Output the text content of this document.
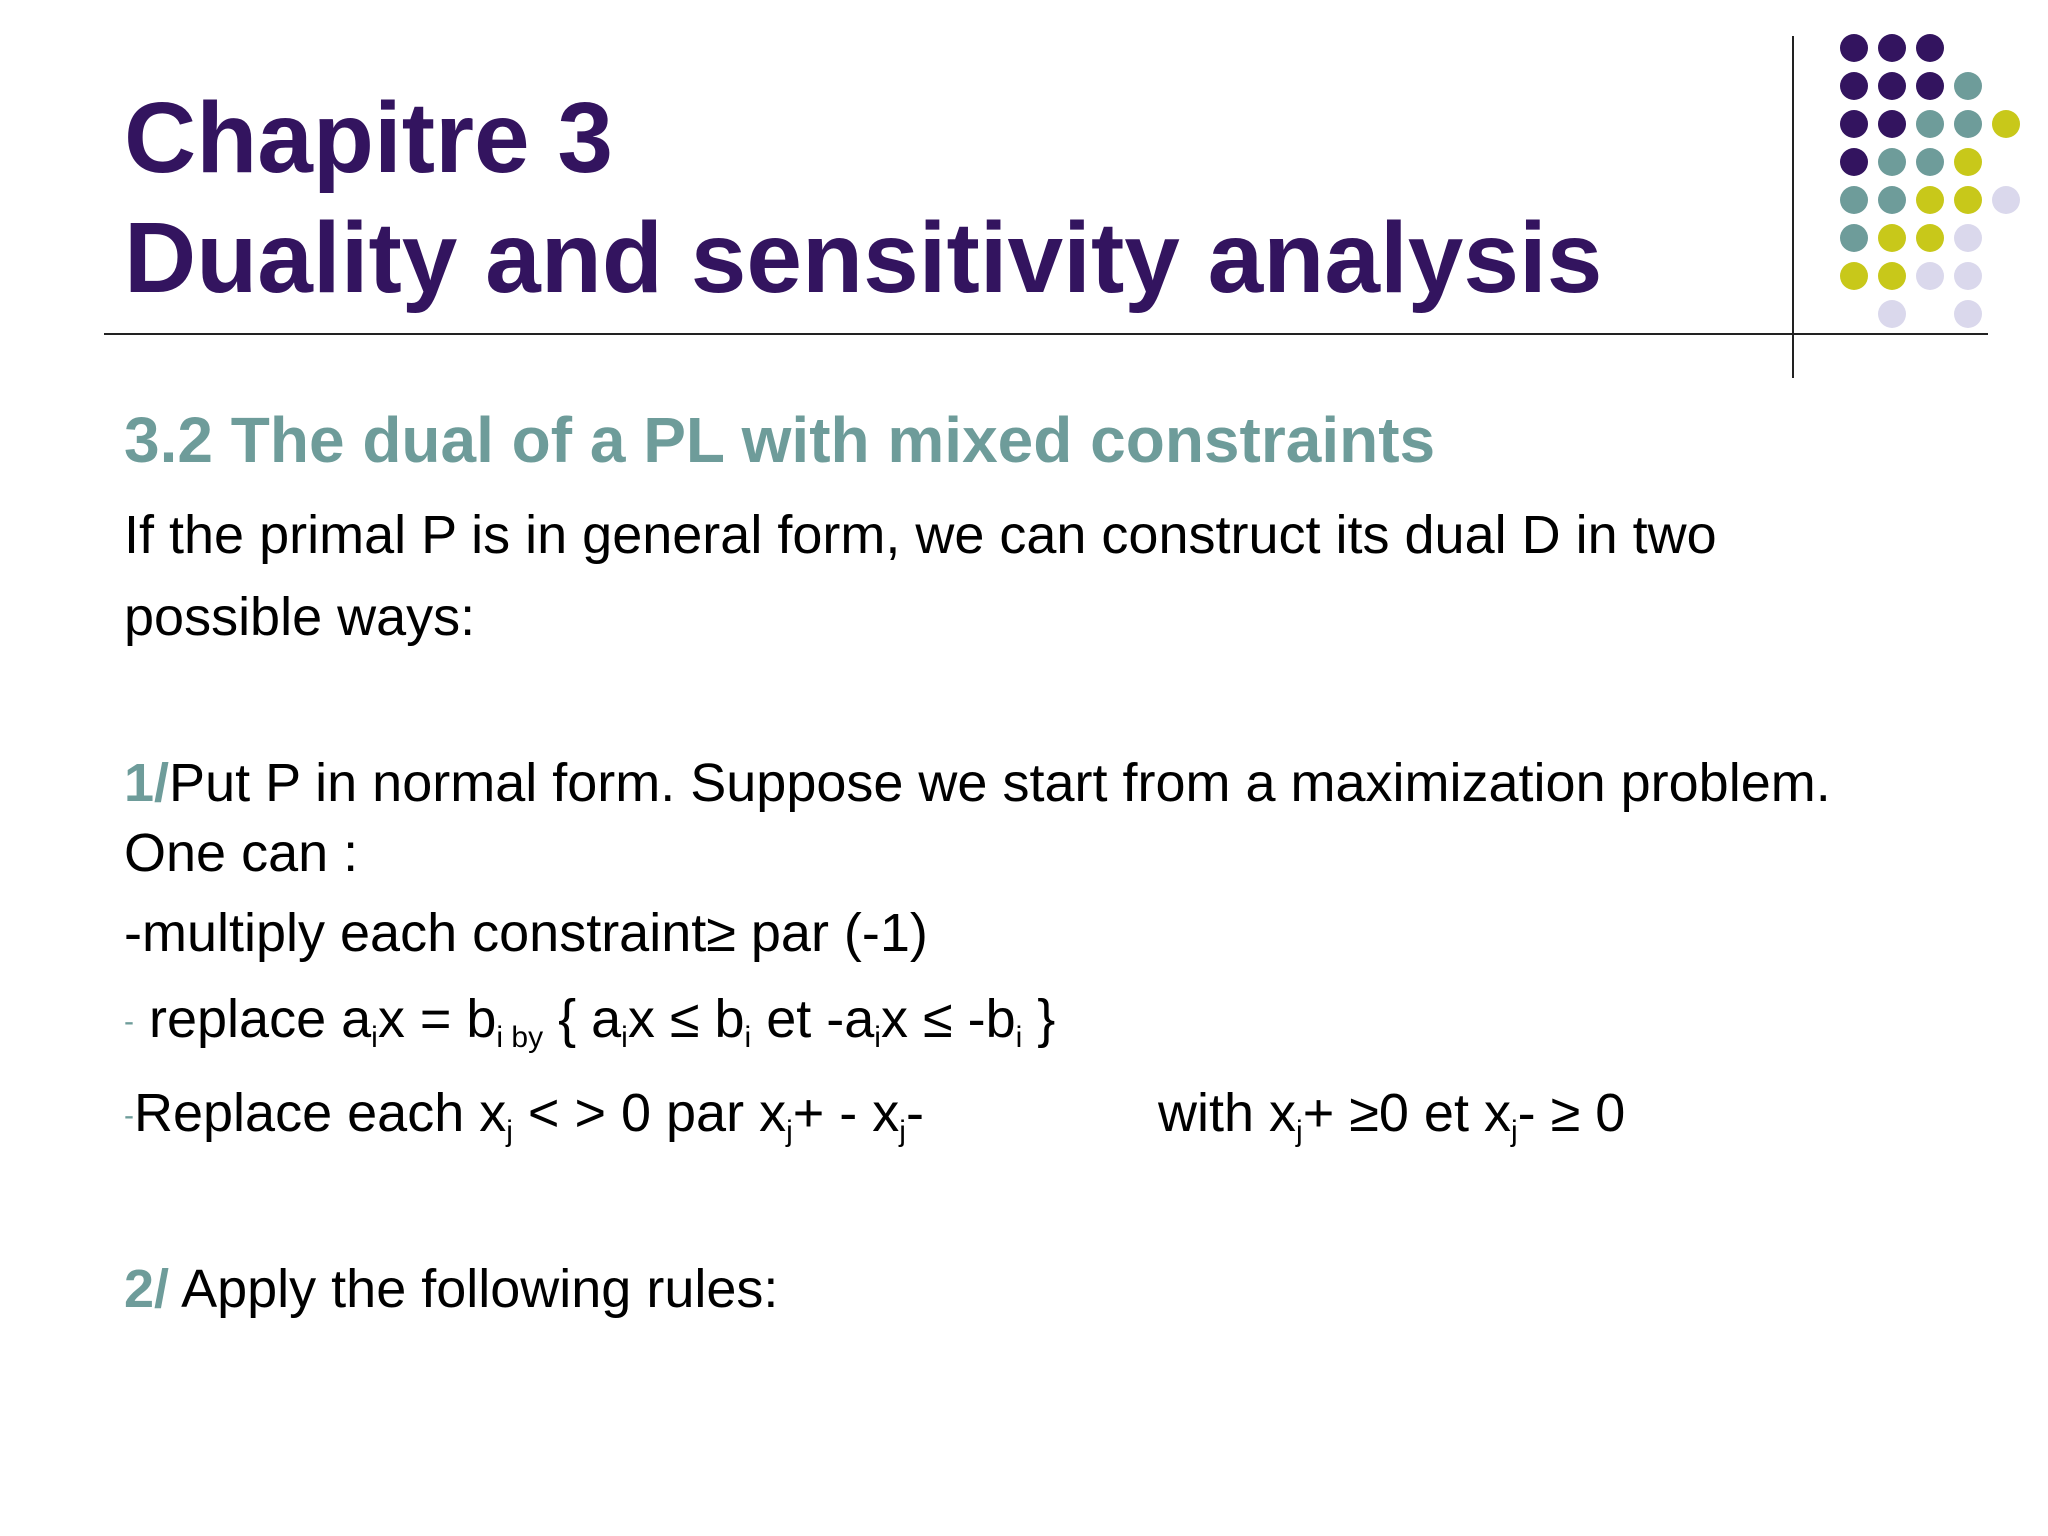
Chapitre 3
Duality and sensitivity analysis
3.2 The dual of a PL with mixed constraints
If the primal P is in general form, we can construct its dual D in two
possible ways:
1/Put P in normal form. Suppose we start from a maximization problem.
One can :
-multiply each constraint≥ par (-1)
- replace $a_ix = b_{i by}$ { $a_ix \le b_i$ et $-a_ix \le -b_i$ }
-Replace each $x_j$ < > 0 par $x_j+ - x_j-$	with $x_j+ \ge 0$ et $x_j- \ge 0$
2/ Apply the following rules:
